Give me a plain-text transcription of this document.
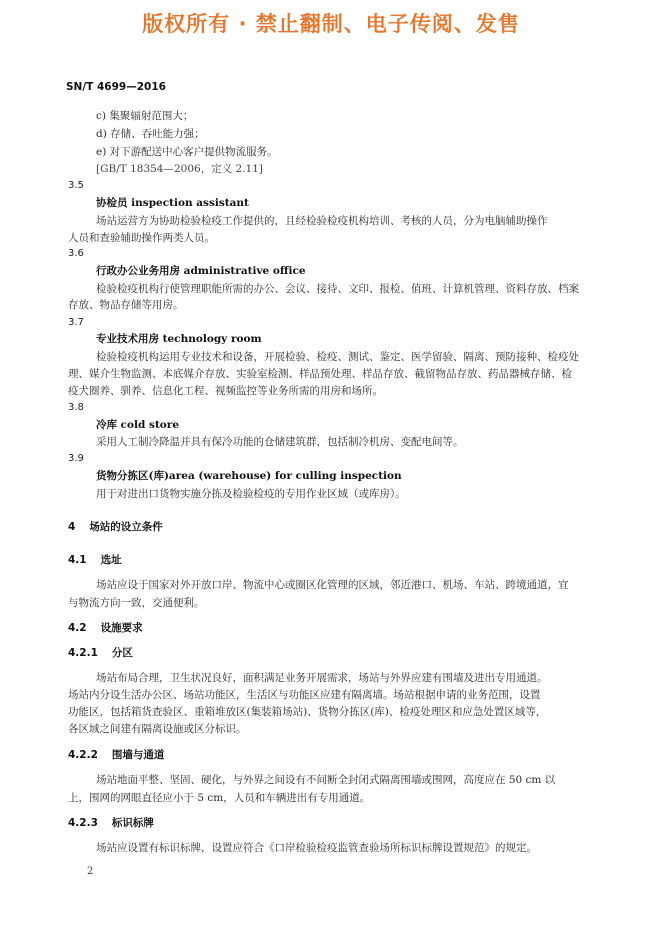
版权所有 · 禁止翻制、电子传阅、发售
SN/T 4699—2016
c) 集聚辐射范围大；
d) 存储、吞吐能力强；
e) 对下游配送中心客户提供物流服务。
[GB/T 18354—2006，定义 2.11]
3.5
协检员 inspection assistant
场站运营方为协助检验检疫工作提供的，且经检验检疫机构培训、考核的人员，分为电脑辅助操作
人员和查验辅助操作两类人员。
3.6
行政办公业务用房 administrative office
检验检疫机构行使管理职能所需的办公、会议、接待、文印、报检、值班、计算机管理、资料存放、档案
存放、物品存储等用房。
3.7
专业技术用房 technology room
检验检疫机构运用专业技术和设备，开展检验、检疫、测试、鉴定、医学留验、隔离、预防接种、检疫处
理、媒介生物监测、本底媒介存放、实验室检测、样品预处理、样品存放、截留物品存放、药品器械存储、检
疫犬圈养、驯养、信息化工程、视频监控等业务所需的用房和场所。
3.8
冷库 cold store
采用人工制冷降温并具有保冷功能的仓储建筑群，包括制冷机房、变配电间等。
3.9
货物分拣区(库)area (warehouse) for culling inspection
用于对进出口货物实施分拣及检验检疫的专用作业区域（或库房）。
4 场站的设立条件
4.1 选址
场站应设于国家对外开放口岸、物流中心或圈区化管理的区域，邻近港口、机场、车站、跨境通道，宜
与物流方向一致，交通便利。
4.2 设施要求
4.2.1 分区
场站布局合理，卫生状况良好，面积满足业务开展需求，场站与外界应建有围墙及进出专用通道。
场站内分设生活办公区、场站功能区，生活区与功能区应建有隔离墙。场站根据申请的业务范围，设置
功能区，包括箱货查验区、重箱堆放区(集装箱场站)、货物分拣区(库)、检疫处理区和应急处置区域等，
各区域之间建有隔离设施或区分标识。
4.2.2 围墙与通道
场站地面平整、坚固、硬化，与外界之间设有不间断全封闭式隔离围墙或围网，高度应在 50 cm 以
上，围网的网眼直径应小于 5 cm，人员和车辆进出有专用通道。
4.2.3 标识标牌
场站应设置有标识标牌，设置应符合《口岸检验检疫监管查验场所标识标牌设置规范》的规定。
2
